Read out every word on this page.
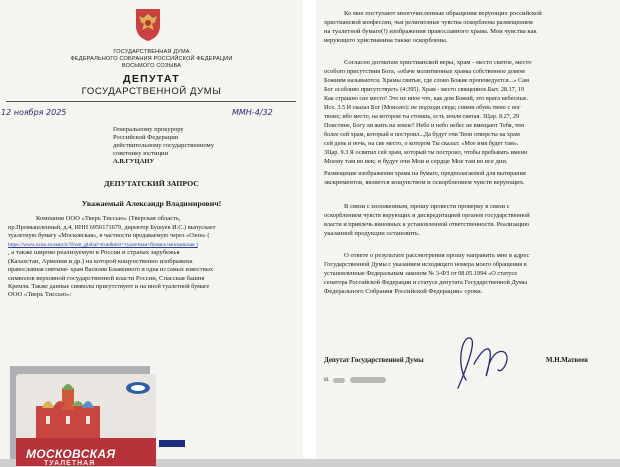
ГОСУДАРСТВЕННАЯ ДУМА
ФЕДЕРАЛЬНОГО СОБРАНИЯ РОССИЙСКОЙ ФЕДЕРАЦИИ
ВОСЬМОГО СОЗЫВА
ДЕПУТАТ
ГОСУДАРСТВЕННОЙ ДУМЫ
12 ноября 2025	ММН-4/32
Генеральному прокурору
Российской Федерации
действительному государственному
советнику юстиции
А.В.ГУЦАНУ
ДЕПУТАТСКИЙ ЗАПРОС
Уважаемый Александр Владимирович!
Компания ООО «Тверь Тиссью» (Тверская область,
пр.Промышленный, д.4, ИНН 6950171679, директор Бушуев И.С.) выпускает
туалетную бумагу «Московская», в частности продаваемую через «Озон» (
https://www.ozon.ru/search/?from_global=true&text=туалетная+бумага+московская )
, а также широко реализуемую в России и странах зарубежья
(Казахстан, Армения и др.) на которой кощунственно изображена
православная святыня- храм Василия Блаженного и одна из самых известных
символов верховной государственной власти России, Спасская башня
Кремля. Также данные символы присутствуют и на иной туалетной бумаге
ООО «Тверь Тиссью»:
МОСКОВСКАЯ
ТУАЛЕТНАЯ
Ко мне поступают многочисленные обращения верующих российской
христианской конфессии, чьи религиозные чувства оскорблены размещением
на туалетной бумаге(!) изображения православного храма. Мои чувства как
верующего христианина также оскорблены.
Согласно догматам христианской веры, храм - место святое, место
особого присутствия Бога, «обаче молитвенные храмы собственное домом
Божиим называются. Храмы святые, где слово Божие проповедуется...» Сам
Бог особливо присутствует» (4:395). Храм - место священное.Быт. 28.17, 19
Как страшно сие место! Это не иное что, как дом Божий, это врата небесные.
Исх. 3.5 И сказал Бог (Моисею): не подходи сюда; сними обувь твою с ног
твоих; ибо место, на котором ты стоишь, есть земля святая. 3Цар. 8.27, 29
Поистине, Богу ли жить на земле? Небо и небо небес не вмещают Тебя, тем
более сей храм, который я построил...Да будут очи Твои отверсты на храм
сей день и ночь, на сие место, о котором Ты сказал: «Мое имя будет там».
3Цар. 9.3 Я освятил сей храм, который ты построил, чтобы пребывать имени
Моему там во век; и будут очи Мои и сердце Мое там во все дни.
Размещение изображения храма на бумаге, предполагаемой для вытирания
экскрементов, является кощунством и оскорблением чувств верующих.
В связи с изложенным, прошу провести проверку в связи с
оскорблением чувств верующих и дискредитацией органов государственной
власти и привлечь виновных к установленной ответственности. Реализацию
указанной продукции остановить.
О ответе о результате рассмотрения прошу направить мне в адрес
Государственной Думы с указанием исходящего номера моего обращения в
установленные Федеральным законом № 3-ФЗ от 08.05.1994 «О статусе
сенатора Российской Федерации и статусе депутата Государственной Думы
Федерального Собрания Российской Федерации» сроки.
Депутат Государственной Думы	М.Н.Матвеев
И.
